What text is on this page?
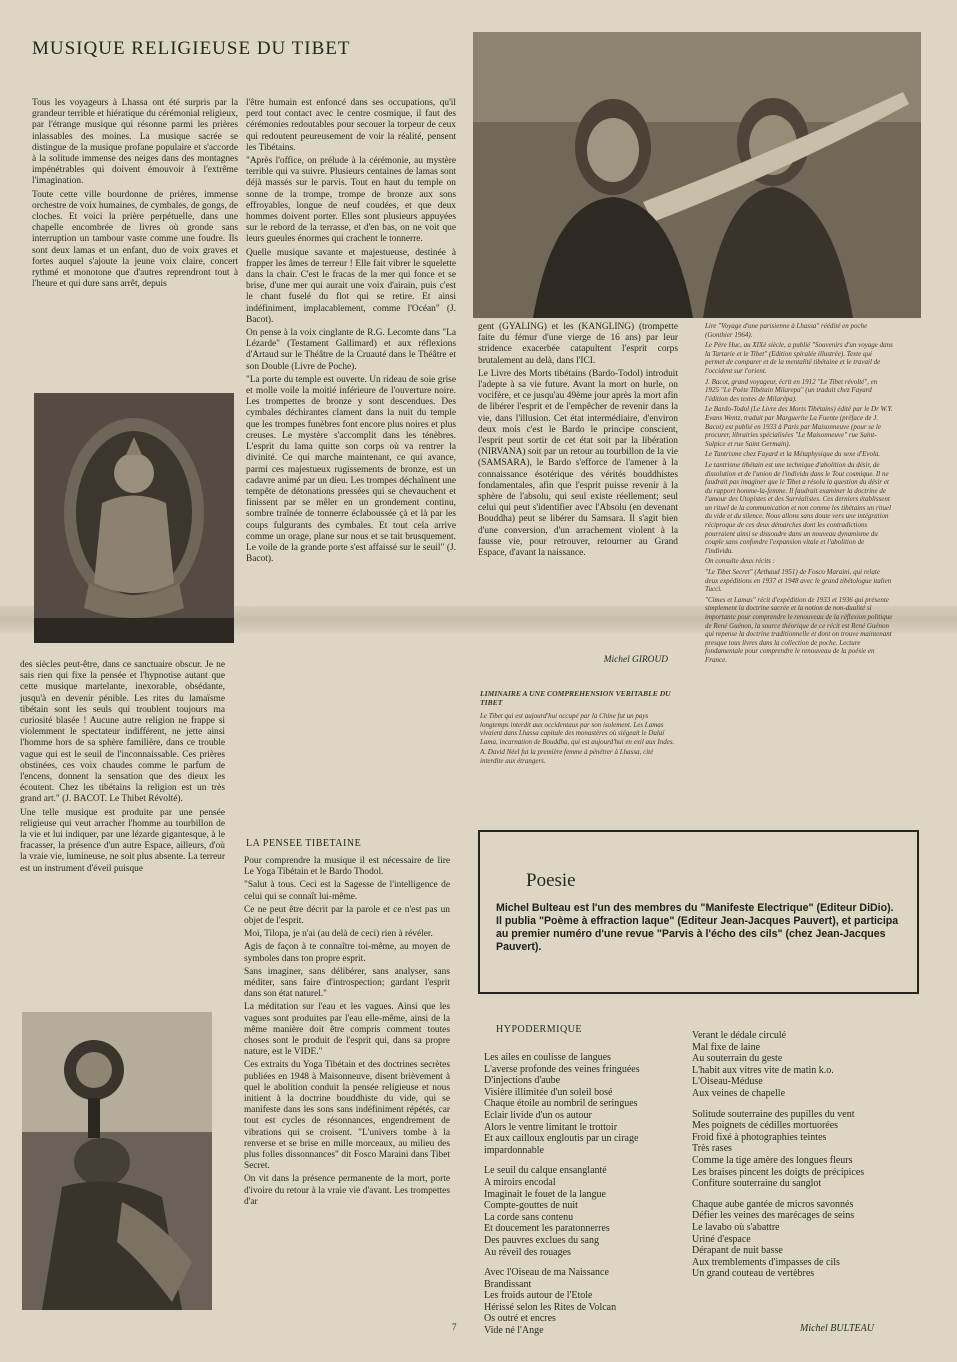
MUSIQUE RELIGIEUSE DU TIBET

Tous les voyageurs à Lhassa ont été surpris par la grandeur terrible et hiératique du cérémonial religieux, par l'étrange musique qui résonne parmi les prières inlassables des moines. La musique sacrée se distingue de la musique profane populaire et s'accorde à la solitude immense des neiges dans des montagnes impénétrables qui doivent émouvoir à l'extrême l'imagination.

Toute cette ville bourdonne de prières, immense orchestre de voix humaines, de cymbales, de gongs, de cloches. Et voici la prière perpétuelle, dans une chapelle encombrée de livres où gronde sans interruption un tambour vaste comme une foudre. Ils sont deux lamas et un enfant, duo de voix graves et fortes auquel s'ajoute la jeune voix claire, concert rythmé et monotone que d'autres reprendront tout à l'heure et qui dure sans arrêt, depuis

des siècles peut-être, dans ce sanctuaire obscur. Je ne sais rien qui fixe la pensée et l'hypnotise autant que cette musique martelante, inexorable, obsédante, jusqu'à en devenir pénible. Les rites du lamaïsme tibétain sont les seuls qui troublent toujours ma curiosité blasée ! Aucune autre religion ne frappe si violemment le spectateur indifférent, ne jette ainsi l'homme hors de sa sphère familière, dans ce trouble vague qui est le seuil de l'inconnaissable. Ces prières obstinées, ces voix chaudes comme le parfum de l'encens, donnent la sensation que des dieux les écoutent. Chez les tibétains la religion est un très grand art." (J. BACOT. Le Thibet Révolté).

Une telle musique est produite par une pensée religieuse qui veut arracher l'homme au tourbillon de la vie et lui indiquer, par une lézarde gigantesque, à le fracasser, la présence d'un autre Espace, ailleurs, d'où la vraie vie, lumineuse, ne soit plus absente. La terreur est un instrument d'éveil puisque

l'être humain est enfoncé dans ses occupations, qu'il perd tout contact avec le centre cosmique, il faut des cérémonies redoutables pour secouer la torpeur de ceux qui redoutent peureusement de voir la réalité, pensent les Tibétains.

"Après l'office, on prélude à la cérémonie, au mystère terrible qui va suivre. Plusieurs centaines de lamas sont déjà massés sur le parvis. Tout en haut du temple on sonne de la trompe, trompe de bronze aux sons effroyables, longue de neuf coudées, et que deux hommes doivent porter. Elles sont plusieurs appuyées sur le rebord de la terrasse, et d'en bas, on ne voit que leurs gueules énormes qui crachent le tonnerre.

Quelle musique savante et majestueuse, destinée à frapper les âmes de terreur ! Elle fait vibrer le squelette dans la chair. C'est le fracas de la mer qui fonce et se brise, d'une mer qui aurait une voix d'airain, puis c'est le chant fuselé du flot qui se retire. Et ainsi indéfiniment, implacablement, comme l'Océan" (J. Bacot).

On pense à la voix cinglante de R.G. Lecomte dans "La Lézarde" (Testament Gallimard) et aux réflexions d'Artaud sur le Théâtre de la Cruauté dans le Théâtre et son Double (Livre de Poche).

"La porte du temple est ouverte. Un rideau de soie grise et molle voile la moitié inférieure de l'ouverture noire. Les trompettes de bronze y sont descendues. Des cymbales déchirantes clament dans la nuit du temple que les trompes funèbres font encore plus noires et plus creuses. Le mystère s'accomplit dans les ténèbres. L'esprit du lama quitte son corps où va rentrer la divinité. Ce qui marche maintenant, ce qui avance, parmi ces majestueux rugissements de bronze, est un cadavre animé par un dieu. Les trompes déchaînent une tempête de détonations pressées qui se chevauchent et finissent par se mêler en un grondement continu, sombre traînée de tonnerre éclaboussée çà et là par les coups fulgurants des cymbales. Et tout cela arrive comme un orage, plane sur nous et se tait brusquement. Le voile de la grande porte s'est affaissé sur le seuil" (J. Bacot).

LA PENSEE TIBETAINE

Pour comprendre la musique il est nécessaire de lire Le Yoga Tibétain et le Bardo Thodol.

"Salut à tous. Ceci est la Sagesse de l'intelligence de celui qui se connaît lui-même.

Ce ne peut être décrit par la parole et ce n'est pas un objet de l'esprit.

Moi, Tilopa, je n'ai (au delà de ceci) rien à révéler.

Agis de façon à te connaître toi-même, au moyen de symboles dans ton propre esprit.

Sans imaginer, sans délibérer, sans analyser, sans méditer, sans faire d'introspection; gardant l'esprit dans son état naturel."

La méditation sur l'eau et les vagues. Ainsi que les vagues sont produites par l'eau elle-même, ainsi de la même manière doit être compris comment toutes choses sont le produit de l'esprit qui, dans sa propre nature, est le VIDE."

Ces extraits du Yoga Tibétain et des doctrines secrètes publiées en 1948 à Maisonneuve, disent brièvement à quel le abolition conduit la pensée religieuse et nous initient à la doctrine bouddhiste du vide, qui se manifeste dans les sons sans indéfiniment répétés, car tout est cycles de résonnances, engendrement de vibrations qui se croisent. "L'univers tombe à la renverse et se brise en mille morceaux, au milieu des plus folles dissonnances" dit Fosco Maraini dans Tibet Secret.

On vit dans la présence permanente de la mort, porte d'ivoire du retour à la vraie vie d'avant. Les trompettes d'ar

gent (GYALING) et les (KANGLING) (trompette faite du fémur d'une vierge de 16 ans) par leur stridence exacerbée catapultent l'esprit corps brutalement au delà, dans l'ICI.

Le Livre des Morts tibétains (Bardo-Todol) introduit l'adepte à sa vie future. Avant la mort on hurle, on vocifère, et ce jusqu'au 49ème jour après la mort afin de libérer l'esprit et de l'empêcher de revenir dans la vie, dans l'illusion. Cet état intermédiaire, d'environ deux mois c'est le Bardo le principe conscient, l'esprit peut sortir de cet état soit par la libération (NIRVANA) soit par un retour au tourbillon de la vie (SAMSARA), le Bardo s'efforce de l'amener à la connaissance ésotérique des vérités bouddhistes fondamentales, afin que l'esprit puisse revenir à la sphère de l'absolu, qui seul existe réellement; seul celui qui peut s'identifier avec l'Absolu (en devenant Bouddha) peut se libérer du Samsara. Il s'agit bien d'une conversion, d'un arrachement violent à la fausse vie, pour retrouver, retourner au Grand Espace, d'avant la naissance.

Michel GIROUD
LIMINAIRE A UNE COMPREHENSION VERITABLE DU TIBET

Le Tibet qui est aujourd'hui occupé par la Chine fut un pays longtemps interdit aux occidentaux par son isolement. Les Lamas vivaient dans Lhassa capitale des monastères où siégeait le Dalaï Lama, incarnation de Bouddha, qui est aujourd'hui en exil aux Indes.

A. David Néel fut la première femme à pénétrer à Lhassa, cité interdite aux étrangers.

Lire "Voyage d'une parisienne à Lhassa" réédité en poche (Gonthier 1964).

Le Père Huc, au XIXè siècle, a publié "Souvenirs d'un voyage dans la Tartarie et le Tibet" (Edition spiralée illustrée). Texte qui permet de comparer et de la mentalité tibétaine et le travail de l'occident sur l'orient.

J. Bacot, grand voyageur, écrit en 1912 "Le Tibet révolté", en 1925 "Le Poète Tibétain Milarepa" (un traduit chez Fayard l'édition des textes de Milarépa).

Le Bardo-Todol (Le Livre des Morts Tibétains) édité par le Dr W.Y. Evans Wentz, traduit par Marguerite La Fuente (préface de J. Bacot) est publié en 1933 à Paris par Maisonneuve (pour se le procurer, librairies spécialisées "Le Maisonneuve" rue Saint-Sulpice et rue Saint Germain).

Le Tantrisme chez Fayard et la Métaphysique du sexe d'Evola.

Le tantrisme tibétain est une technique d'abolition du désir, de dissolution et de l'union de l'individu dans le Tout cosmique. Il ne faudrait pas imaginer que le Tibet a résolu la question du désir et du rapport homme-la-femme. Il faudrait examiner la doctrine de l'amour des Utopistes et des Surréalistes. Ces derniers établissent un rituel de la communication et non comme les tibétains un rituel du vide et du silence. Nous allons sans doute vers une intégration réciproque de ces deux démarches dont les contradictions pourraient ainsi se dissoudre dans un nouveau dynamisme du couple sans confondre l'expansion vitale et l'abolition de l'individu.

On consulte deux récits :

"Le Tibet Secret" (Arthaud 1951) de Fosco Maraini, qui relate deux expéditions en 1937 et 1948 avec le grand tibétologue italien Tucci.

"Cimes et Lamas" récit d'expédition de 1933 et 1936 qui présente simplement la doctrine sacrée et la notion de non-dualité si importante pour comprendre le renouveau de la réflexion politique de René Guénon, la source théorique de ce récit est René Guénon qui repense la doctrine traditionnelle et dont on trouve maintenant presque tous livres dans la collection de poche. Lecture fondamentale pour comprendre le renouveau de la poésie en France.

Poesie
Michel Bulteau est l'un des membres du "Manifeste Electrique" (Editeur DiDio). Il publia "Poème à effraction laque" (Editeur Jean-Jacques Pauvert), et participa au premier numéro d'une revue "Parvis à l'écho des cils" (chez Jean-Jacques Pauvert).
HYPODERMIQUE
Les ailes en coulisse de langues
L'averse profonde des veines fringuées
D'injections d'aube
Visière illimitée d'un soleil bosé
Chaque étoile au nombril de seringues
Eclair livide d'un os autour
Alors le ventre limitant le trottoir
Et aux cailloux engloutis par un cirage
impardonnable
Le seuil du calque ensanglanté
A miroirs encodal
Imaginait le fouet de la langue
Compte-gouttes de nuit
La corde sans contenu
Et doucement les paratonnerres
Des pauvres exclues du sang
Au réveil des rouages
Avec l'Oiseau de ma Naissance
Brandissant
Les froids autour de l'Etole
Hérissé selon les Rites de Volcan
Os outré et encres
Vide né l'Ange
Verant le dédale circulé
Mal fixe de laine
Au souterrain du geste
L'habit aux vitres vite de matin k.o.
L'Oiseau-Méduse
Aux veines de chapelle
Solitude souterraine des pupilles du vent
Mes poignets de cédilles mortuorées
Froid fixé à photographies teintes
Très rases
Comme la tige amère des longues fleurs
Les braises pincent les doigts de précipices
Confiture souterraine du sanglot
Chaque aube gantée de micros savonnés
Défier les veines des marécages de seins
Le lavabo où s'abattre
Uriné d'espace
Dérapant de nuit basse
Aux tremblements d'impasses de cils
Un grand couteau de vertèbres
Michel BULTEAU
7
